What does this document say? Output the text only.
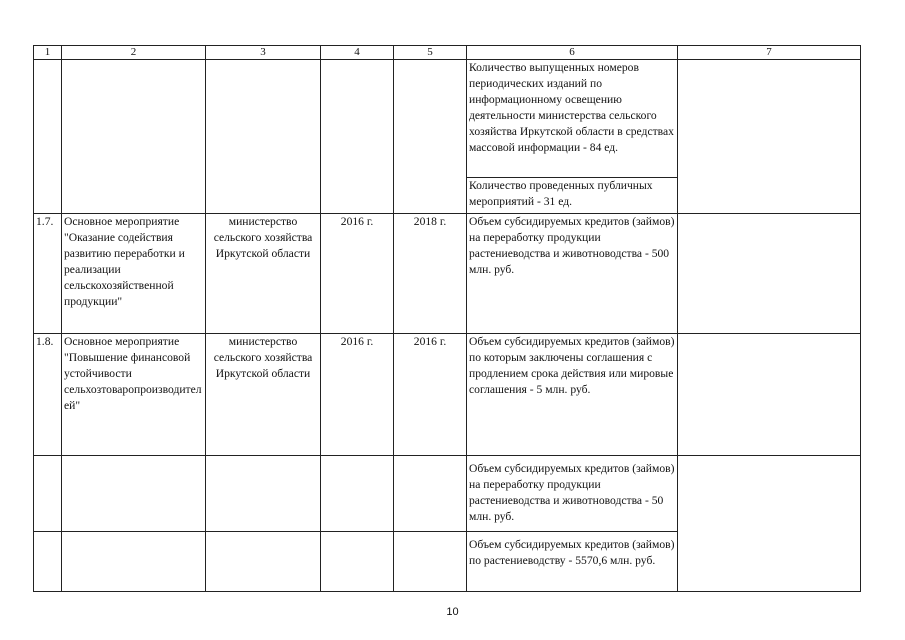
1	2	3	4	5	6	7
					Количество выпущенных номеров периодических изданий по информационному освещению деятельности министерства сельского хозяйства Иркутской области в средствах массовой информации - 84 ед.	
					Количество проведенных публичных мероприятий - 31 ед.	
1.7.	Основное мероприятие "Оказание содействия развитию переработки и реализации сельскохозяйственной продукции"	министерство сельского хозяйства Иркутской области	2016 г.	2018 г.	Объем субсидируемых кредитов (займов) на переработку продукции растениеводства и животноводства - 500 млн. руб.	
1.8.	Основное мероприятие "Повышение финансовой устойчивости сельхозтоваропроизводителей"	министерство сельского хозяйства Иркутской области	2016 г.	2016 г.	Объем субсидируемых кредитов (займов) по которым заключены соглашения с продлением срока действия или мировые соглашения - 5 млн. руб.	
					Объем субсидируемых кредитов (займов) на переработку продукции растениеводства и животноводства - 50 млн. руб.	
					Объем субсидируемых кредитов (займов) по растениеводству - 5570,6 млн. руб.	
10
